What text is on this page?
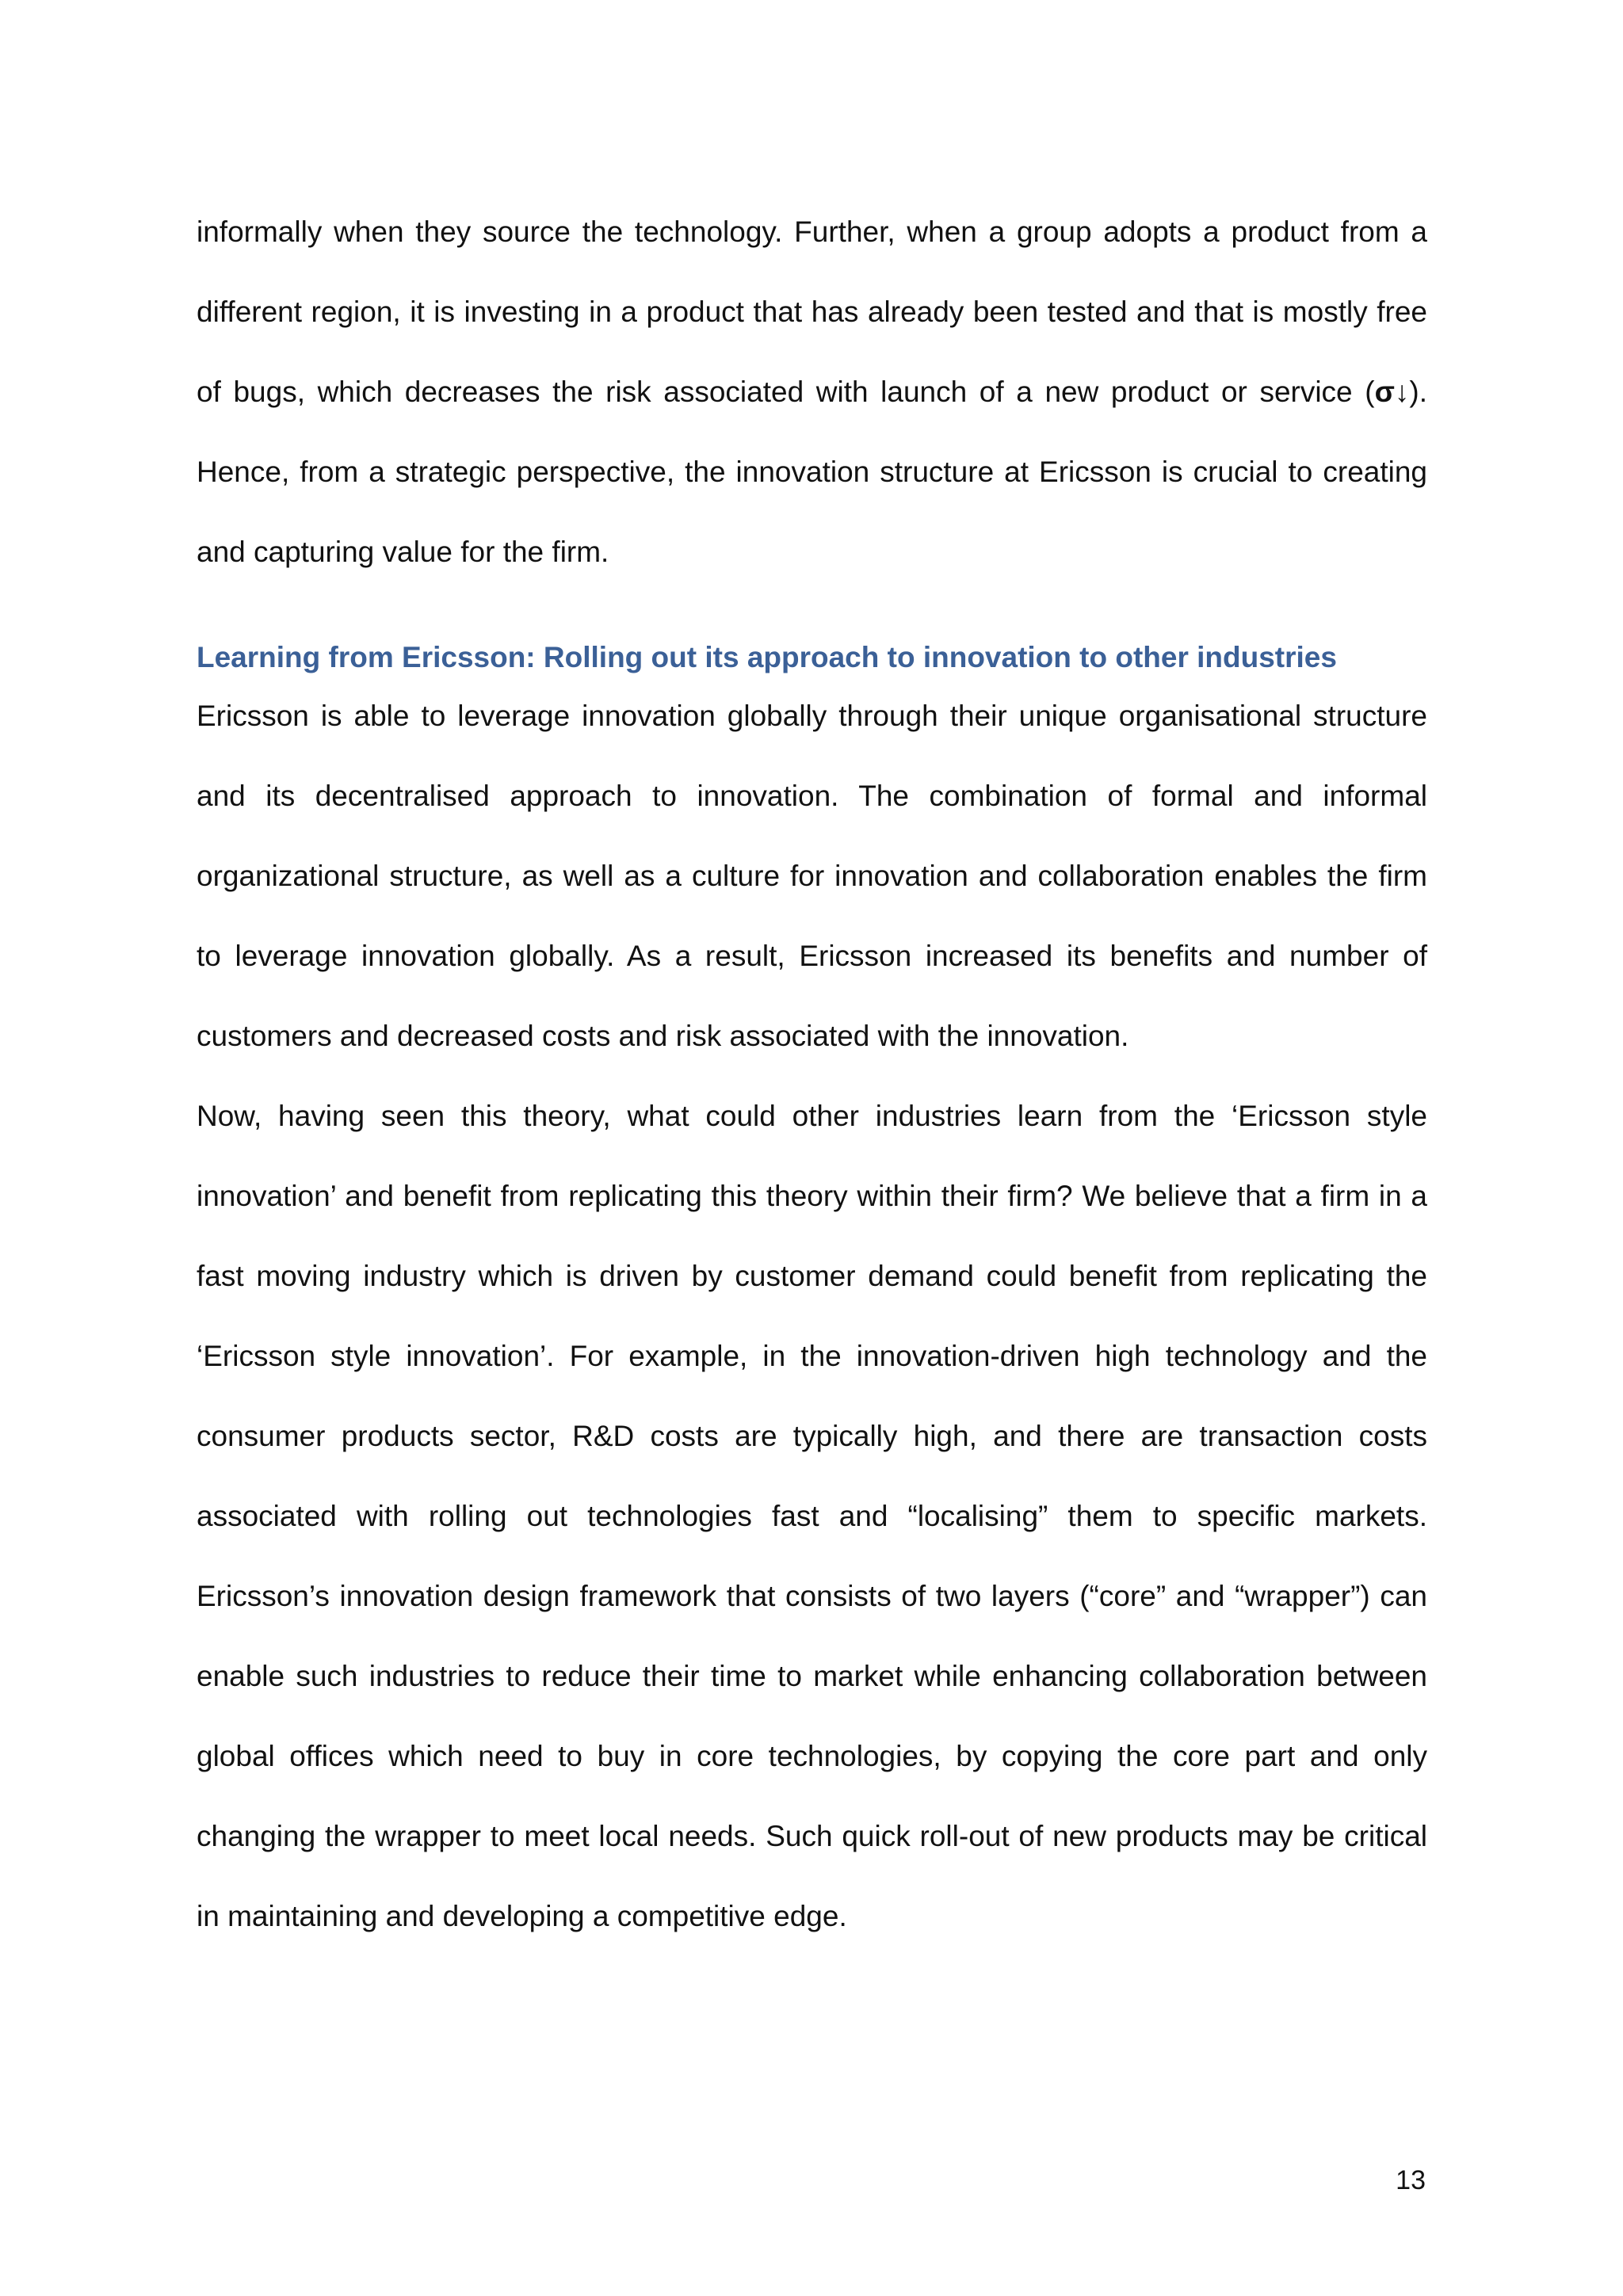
informally when they source the technology. Further, when a group adopts a product from a different region, it is investing in a product that has already been tested and that is mostly free of bugs, which decreases the risk associated with launch of a new product or service (σ↓). Hence, from a strategic perspective, the innovation structure at Ericsson is crucial to creating and capturing value for the firm.

Learning from Ericsson: Rolling out its approach to innovation to other industries

Ericsson is able to leverage innovation globally through their unique organisational structure and its decentralised approach to innovation. The combination of formal and informal organizational structure, as well as a culture for innovation and collaboration enables the firm to leverage innovation globally. As a result, Ericsson increased its benefits and number of customers and decreased costs and risk associated with the innovation.

Now, having seen this theory, what could other industries learn from the ‘Ericsson style innovation’ and benefit from replicating this theory within their firm? We believe that a firm in a fast moving industry which is driven by customer demand could benefit from replicating the ‘Ericsson style innovation’. For example, in the innovation-driven high technology and the consumer products sector, R&D costs are typically high, and there are transaction costs associated with rolling out technologies fast and “localising” them to specific markets. Ericsson’s innovation design framework that consists of two layers (“core” and “wrapper”) can enable such industries to reduce their time to market while enhancing collaboration between global offices which need to buy in core technologies, by copying the core part and only changing the wrapper to meet local needs. Such quick roll-out of new products may be critical in maintaining and developing a competitive edge.

13
